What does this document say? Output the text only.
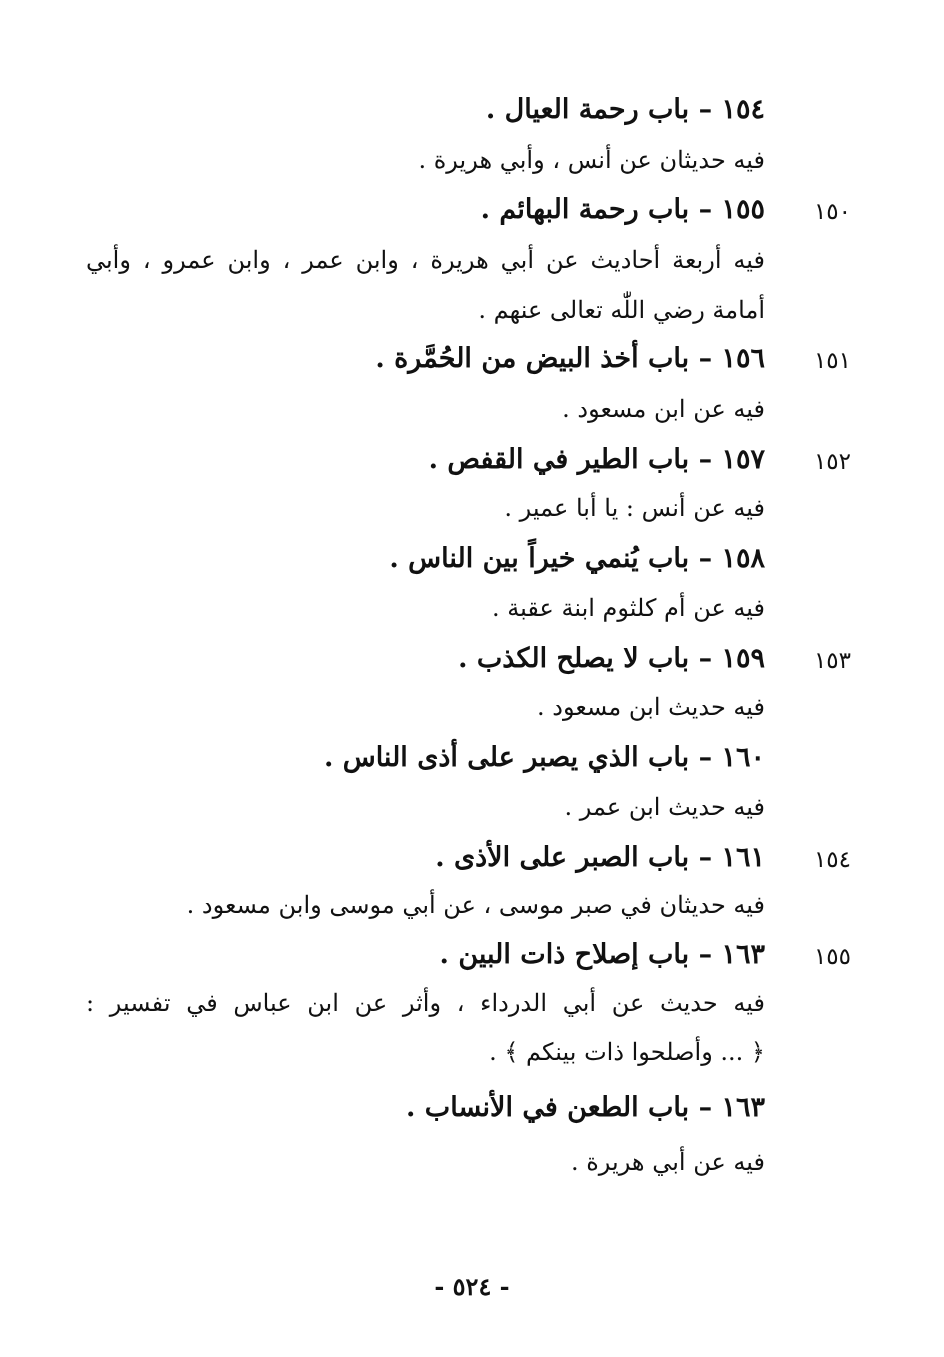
١٥٤ – باب رحمة العيال .
فيه حديثان عن أنس ، وأبي هريرة .
١٥٠
١٥٥ – باب رحمة البهائم .
فيه أربعة أحاديث عن أبي هريرة ، وابن عمر ، وابن عمرو ، وأبي
أمامة رضي اللّٰه تعالى عنهم .
١٥١
١٥٦ – باب أخذ البيض من الحُمَّرة .
فيه عن ابن مسعود .
١٥٢
١٥٧ – باب الطير في القفص .
فيه عن أنس : يا أبا عمير .
١٥٨ – باب يُنمي خيراً بين الناس .
فيه عن أم كلثوم ابنة عقبة .
١٥٣
١٥٩ – باب لا يصلح الكذب .
فيه حديث ابن مسعود .
١٦٠ – باب الذي يصبر على أذى الناس .
فيه حديث ابن عمر .
١٥٤
١٦١ – باب الصبر على الأذى .
فيه حديثان في صبر موسى ، عن أبي موسى وابن مسعود .
١٥٥
١٦٣ – باب إصلاح ذات البين .
فيه حديث عن أبي الدرداء ، وأثر عن ابن عباس في تفسير :
﴿ ... وأصلحوا ذات بينكم ﴾ .
١٦٣ – باب الطعن في الأنساب .
فيه عن أبي هريرة .
- ٥٢٤ -
